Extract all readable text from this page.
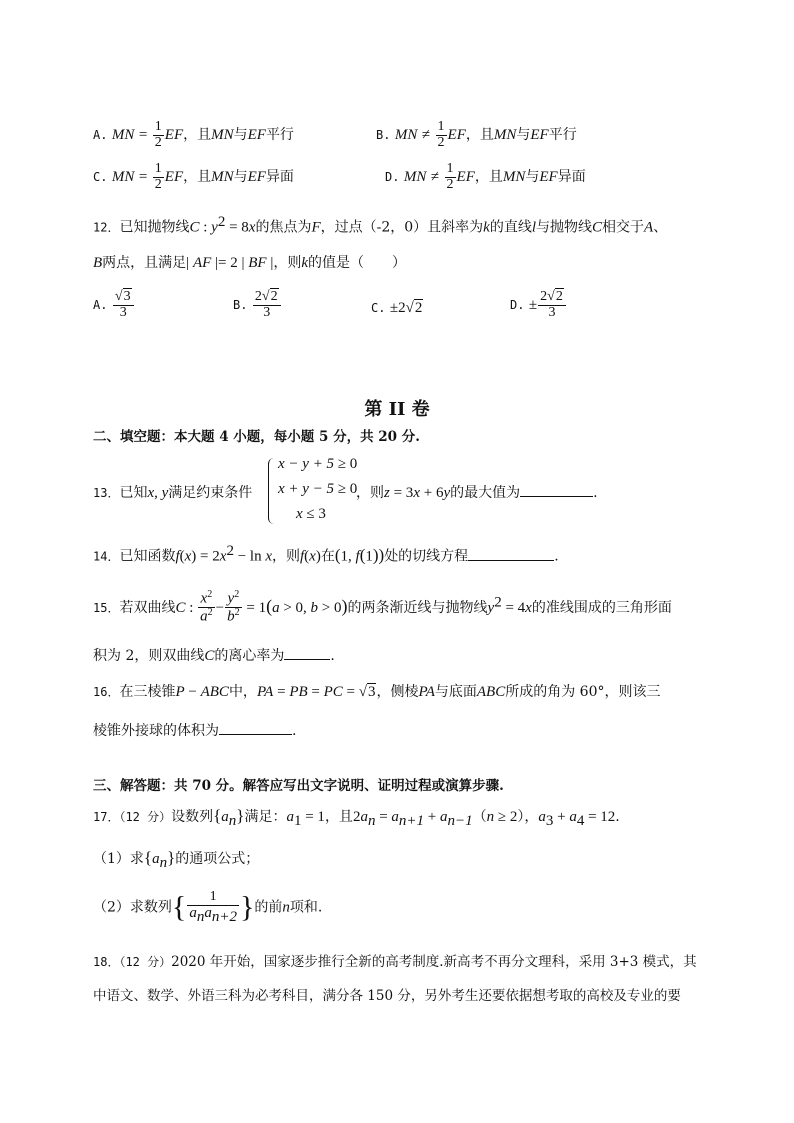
A. MN = $\frac{1}{2}$ EF，且MN与EF平行	B. MN ≠ $\frac{1}{2}$ EF，且MN与EF平行
C. MN = $\frac{1}{2}$ EF，且MN与EF异面	D. MN ≠ $\frac{1}{2}$ EF，且MN与EF异面
12．已知抛物线C : $y^2 = 8x$的焦点为F，过点（-2，0）且斜率为k的直线l与抛物线C相交于A、
B两点，且满足| AF |= 2 | BF |，则k的值是（　　）
A. $\frac{√3}{3}$	B. $\frac{2√2}{3}$	C. ±2√2	D. ± $\frac{2√2}{3}$
第 II 卷
二、填空题：本大题 4 小题，每小题 5 分，共 20 分.
13．已知x, y满足约束条件
x − y + 5 ≥ 0
x + y − 5 ≥ 0
x ≤ 3
，则z = 3x + 6y的最大值为	.
14．已知函数$f(x) = 2x^2 - \ln x$，则f(x)在(1, f(1))处的切线方程	.
15．若双曲线C : $\frac{x^2}{a^2} - \frac{y^2}{b^2} = 1(a > 0$, b > 0)的两条渐近线与抛物线$y^2 = 4x$的准线围成的三角形面
积为 2，则双曲线C的离心率为	.
16．在三棱锥P − ABC中，PA = PB = PC = √3，侧棱PA与底面ABC所成的角为 60°，则该三
棱锥外接球的体积为	.
三、解答题：共 70 分。解答应写出文字说明、证明过程或演算步骤.
17．（12 分）设数列$\{a_n\}$满足：$a_1 = 1$，且$2a_n = a_{n+1} + a_{n-1}(n \ge 2)$，$a_3 + a_4 = 12$.
（1）求$\{a_n\}$的通项公式；
（2）求数列{ $\frac{1}{a_na_{n+2}}$ }的前n项和.
18．（12 分）2020 年开始，国家逐步推行全新的高考制度.新高考不再分文理科，采用 3+3 模式，其
中语文、数学、外语三科为必考科目，满分各 150 分，另外考生还要依据想考取的高校及专业的要
